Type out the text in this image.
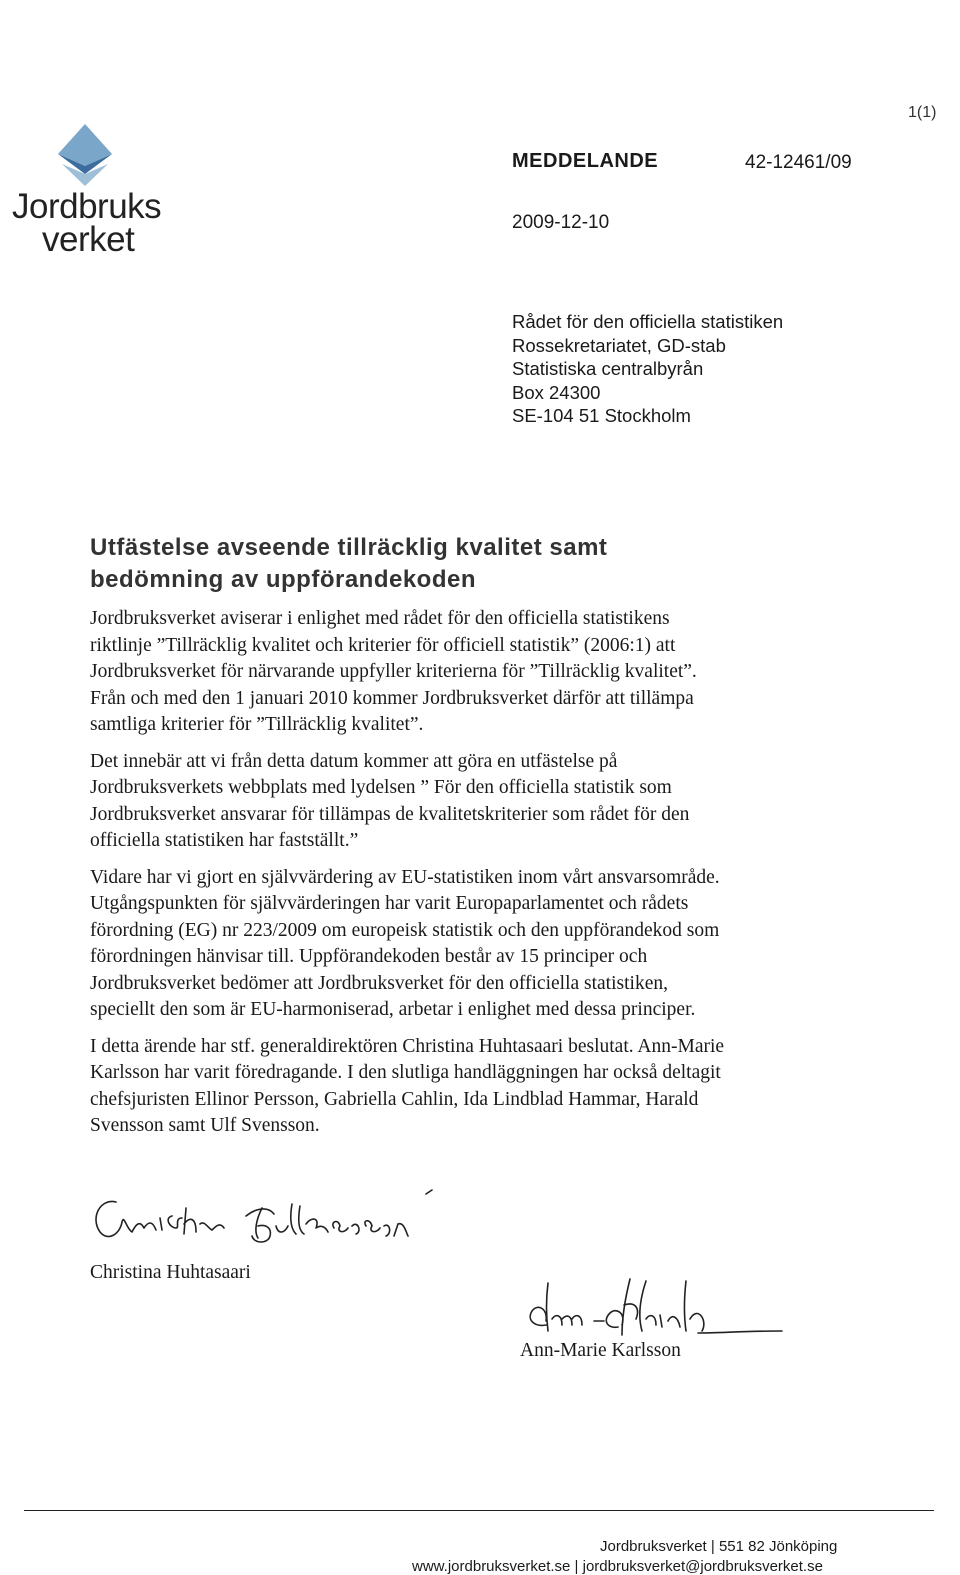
1(1)
Jordbruks
verket
MEDDELANDE	42-12461/09
2009-12-10
Rådet för den officiella statistiken
Rossekretariatet, GD-stab
Statistiska centralbyrån
Box 24300
SE-104 51 Stockholm
Utfästelse avseende tillräcklig kvalitet samt
bedömning av uppförandekoden

Jordbruksverket aviserar i enlighet med rådet för den officiella statistikens
riktlinje ”Tillräcklig kvalitet och kriterier för officiell statistik” (2006:1) att
Jordbruksverket för närvarande uppfyller kriterierna för ”Tillräcklig kvalitet”.
Från och med den 1 januari 2010 kommer Jordbruksverket därför att tillämpa
samtliga kriterier för ”Tillräcklig kvalitet”.

Det innebär att vi från detta datum kommer att göra en utfästelse på
Jordbruksverkets webbplats med lydelsen ” För den officiella statistik som
Jordbruksverket ansvarar för tillämpas de kvalitetskriterier som rådet för den
officiella statistiken har fastställt.”

Vidare har vi gjort en självvärdering av EU-statistiken inom vårt ansvarsområde.
Utgångspunkten för självvärderingen har varit Europaparlamentet och rådets
förordning (EG) nr 223/2009 om europeisk statistik och den uppförandekod som
förordningen hänvisar till. Uppförandekoden består av 15 principer och
Jordbruksverket bedömer att Jordbruksverket för den officiella statistiken,
speciellt den som är EU-harmoniserad, arbetar i enlighet med dessa principer.

I detta ärende har stf. generaldirektören Christina Huhtasaari beslutat. Ann-Marie
Karlsson har varit föredragande. I den slutliga handläggningen har också deltagit
chefsjuristen Ellinor Persson, Gabriella Cahlin, Ida Lindblad Hammar, Harald
Svensson samt Ulf Svensson.

Christina Huhtasaari
Ann-Marie Karlsson
Jordbruksverket | 551 82 Jönköping
www.jordbruksverket.se | jordbruksverket@jordbruksverket.se
